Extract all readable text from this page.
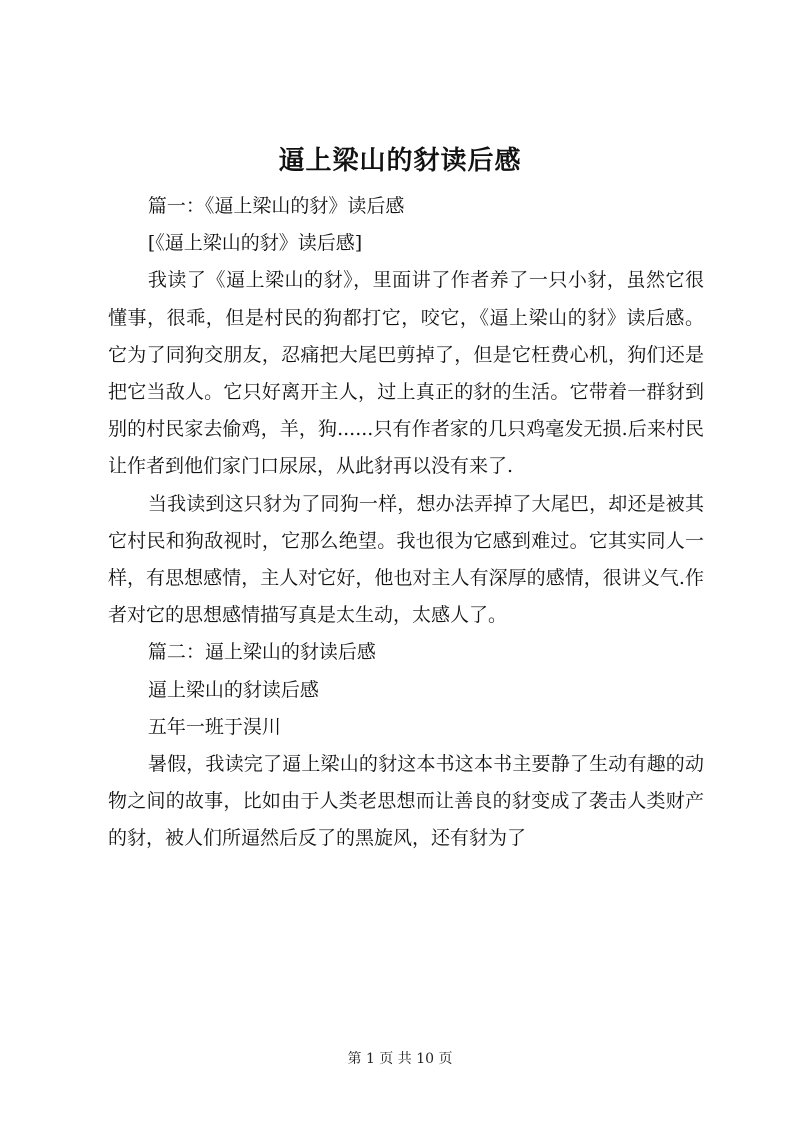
逼上梁山的豺读后感

篇一：《逼上梁山的豺》读后感

[《逼上梁山的豺》读后感]

我读了《逼上梁山的豺》，里面讲了作者养了一只小豺，虽然它很懂事，很乖，但是村民的狗都打它，咬它，《逼上梁山的豺》读后感。它为了同狗交朋友，忍痛把大尾巴剪掉了，但是它枉费心机，狗们还是把它当敌人。它只好离开主人，过上真正的豺的生活。它带着一群豺到别的村民家去偷鸡，羊，狗......只有作者家的几只鸡毫发无损.后来村民让作者到他们家门口尿尿，从此豺再以没有来了.

当我读到这只豺为了同狗一样，想办法弄掉了大尾巴，却还是被其它村民和狗敌视时，它那么绝望。我也很为它感到难过。它其实同人一样，有思想感情，主人对它好，他也对主人有深厚的感情，很讲义气.作者对它的思想感情描写真是太生动，太感人了。

篇二：逼上梁山的豺读后感

逼上梁山的豺读后感

五年一班于淏川

暑假，我读完了逼上梁山的豺这本书这本书主要静了生动有趣的动物之间的故事，比如由于人类老思想而让善良的豺变成了袭击人类财产的豺，被人们所逼然后反了的黑旋风，还有豺为了

第 1 页 共 10 页
